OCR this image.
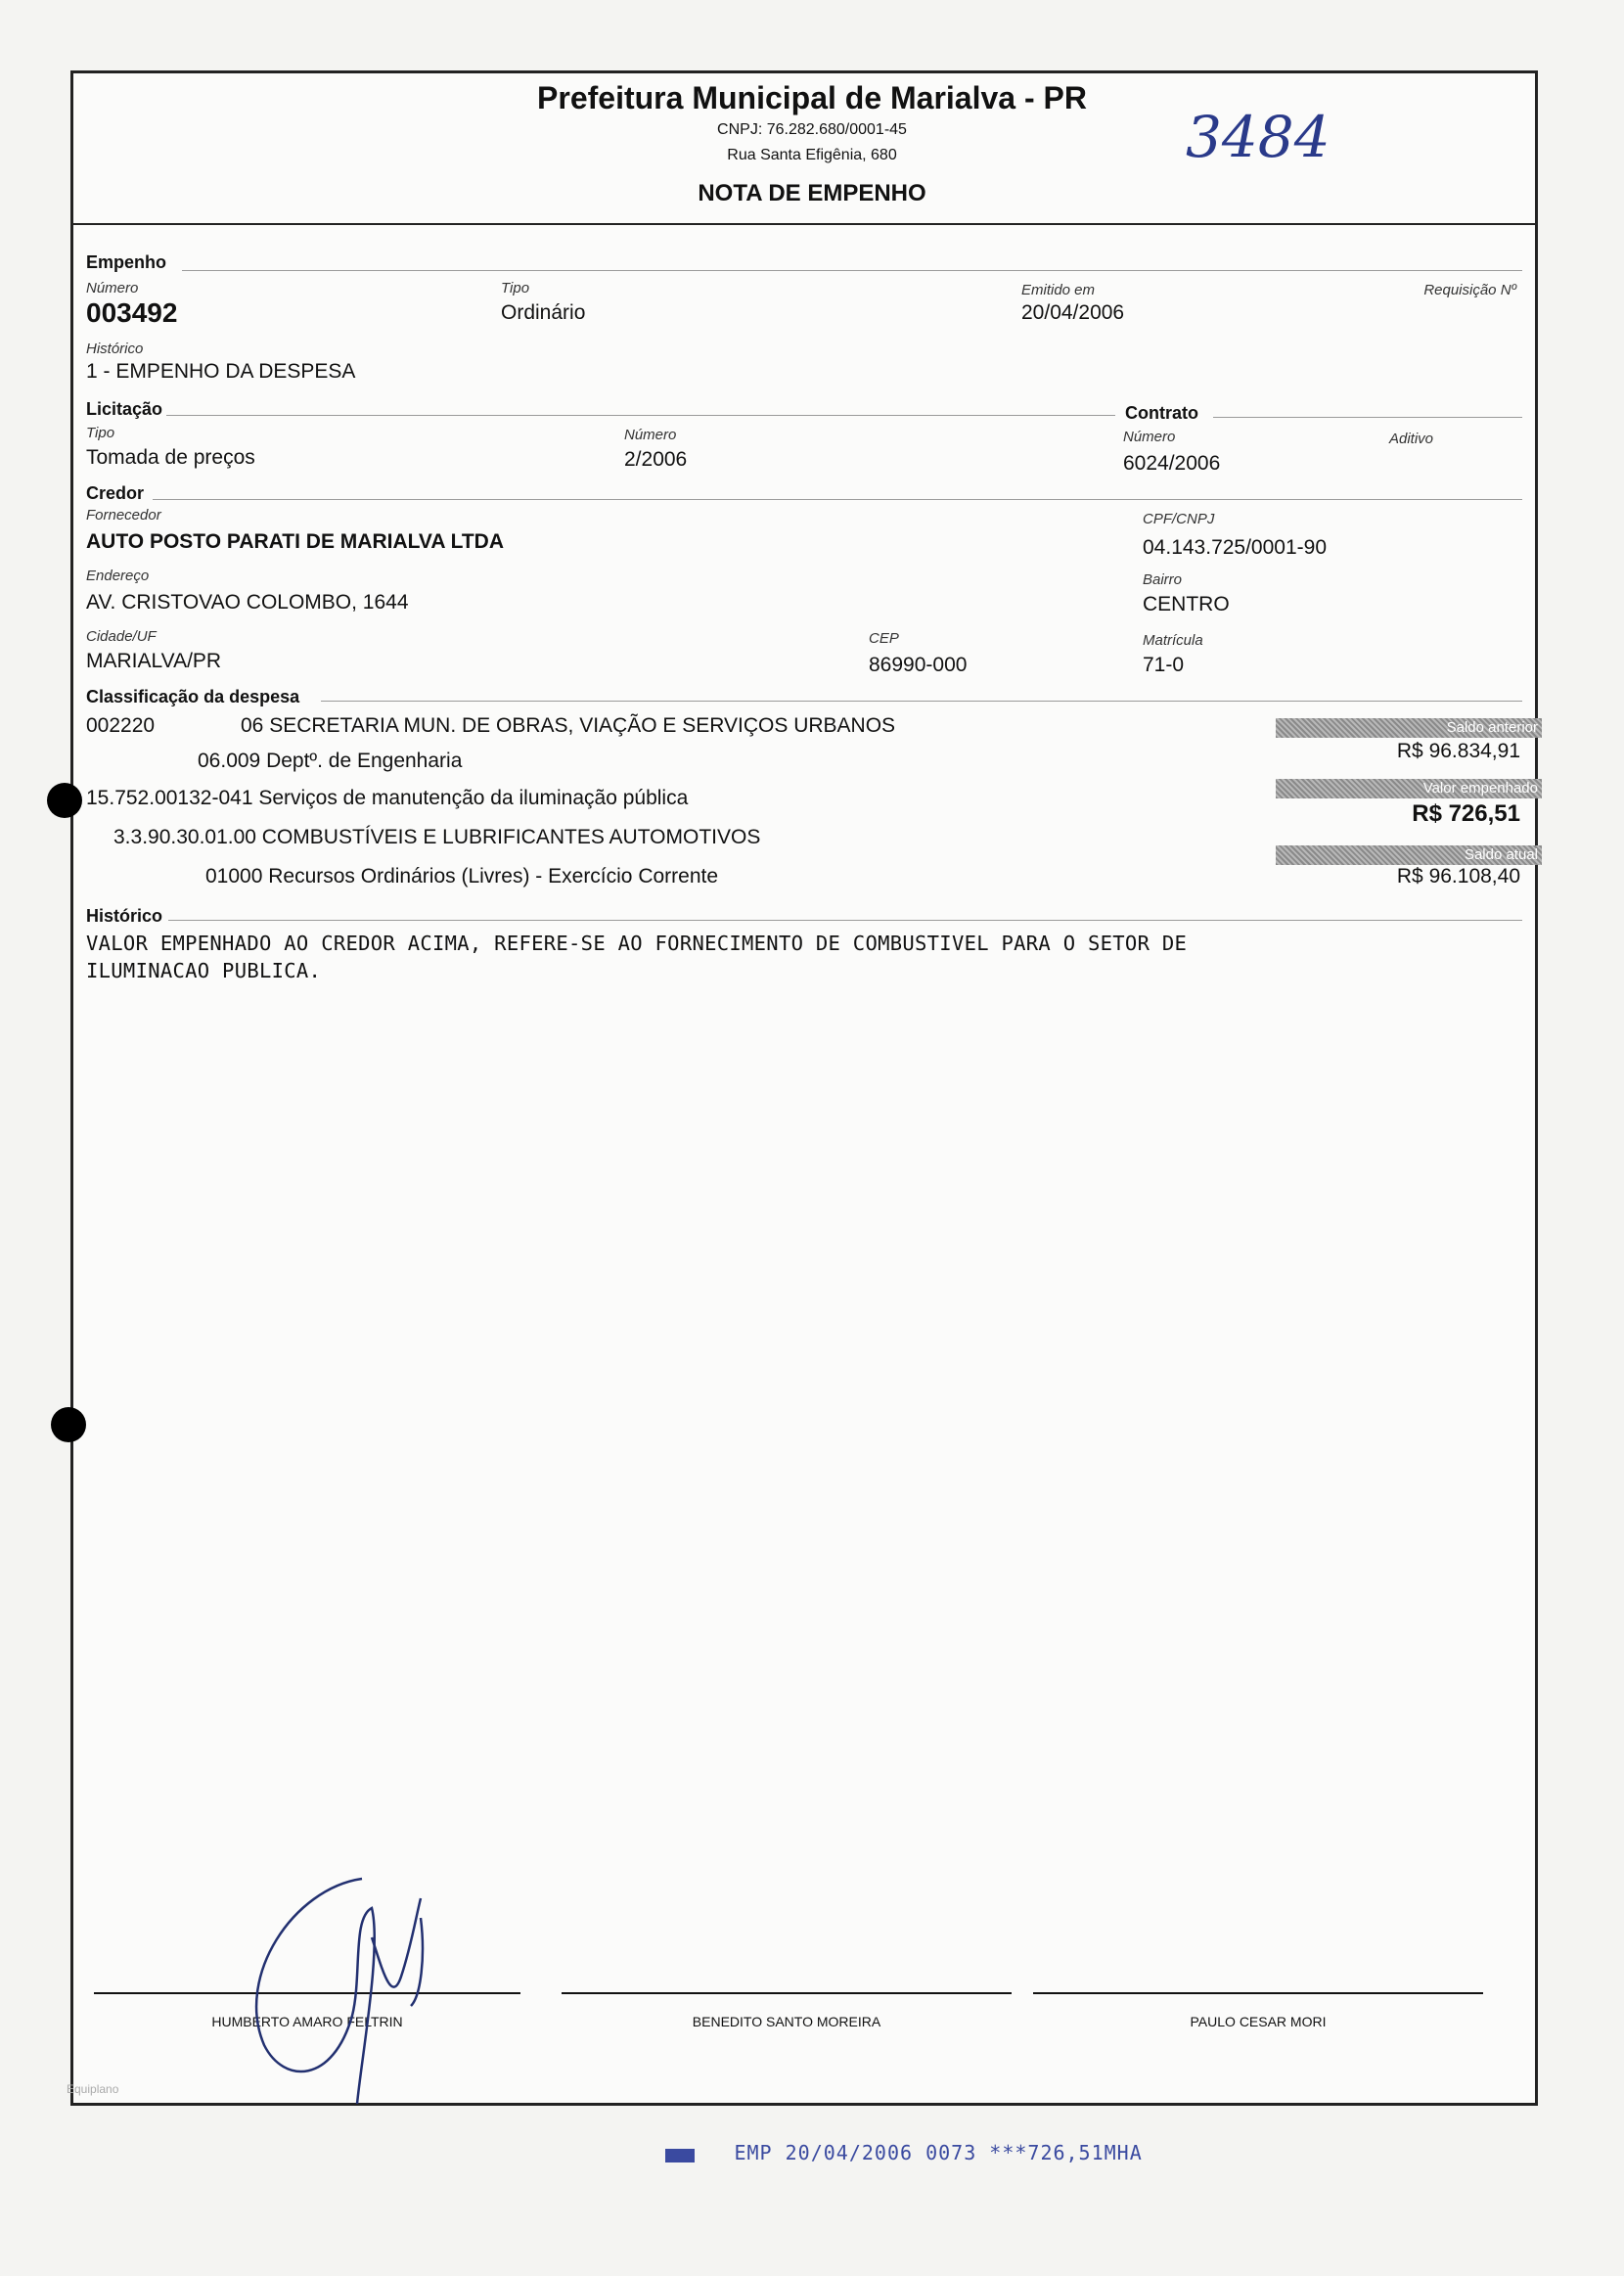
Prefeitura Municipal de Marialva - PR
CNPJ: 76.282.680/0001-45
Rua Santa Efigênia, 680
NOTA DE EMPENHO
3484
Empenho
Número
003492
Tipo
Ordinário
Emitido em
20/04/2006
Requisição Nº
Histórico
1 - EMPENHO DA DESPESA
Licitação	Contrato
Tipo
Tomada de preços
Número
2/2006
Número
6024/2006
Aditivo
Credor
Fornecedor
AUTO POSTO PARATI DE MARIALVA LTDA
CPF/CNPJ
04.143.725/0001-90
Endereço
AV. CRISTOVAO COLOMBO, 1644
Bairro
CENTRO
Cidade/UF
MARIALVA/PR
CEP
86990-000
Matrícula
71-0
Classificação da despesa
002220	06 SECRETARIA MUN. DE OBRAS, VIAÇÃO E SERVIÇOS URBANOS
06.009 Deptº. de Engenharia
15.752.00132-041 Serviços de manutenção da iluminação pública
3.3.90.30.01.00 COMBUSTÍVEIS E LUBRIFICANTES AUTOMOTIVOS
01000 Recursos Ordinários (Livres) - Exercício Corrente
Saldo anterior
R$ 96.834,91
Valor empenhado
R$ 726,51
Saldo atual
R$ 96.108,40
Histórico
VALOR EMPENHADO AO CREDOR ACIMA, REFERE-SE AO FORNECIMENTO DE COMBUSTIVEL PARA O SETOR DE
ILUMINACAO PUBLICA.
HUMBERTO AMARO FELTRIN	BENEDITO SANTO MOREIRA	PAULO CESAR MORI
Equiplano
EMP 20/04/2006 0073 ***726,51MHA
